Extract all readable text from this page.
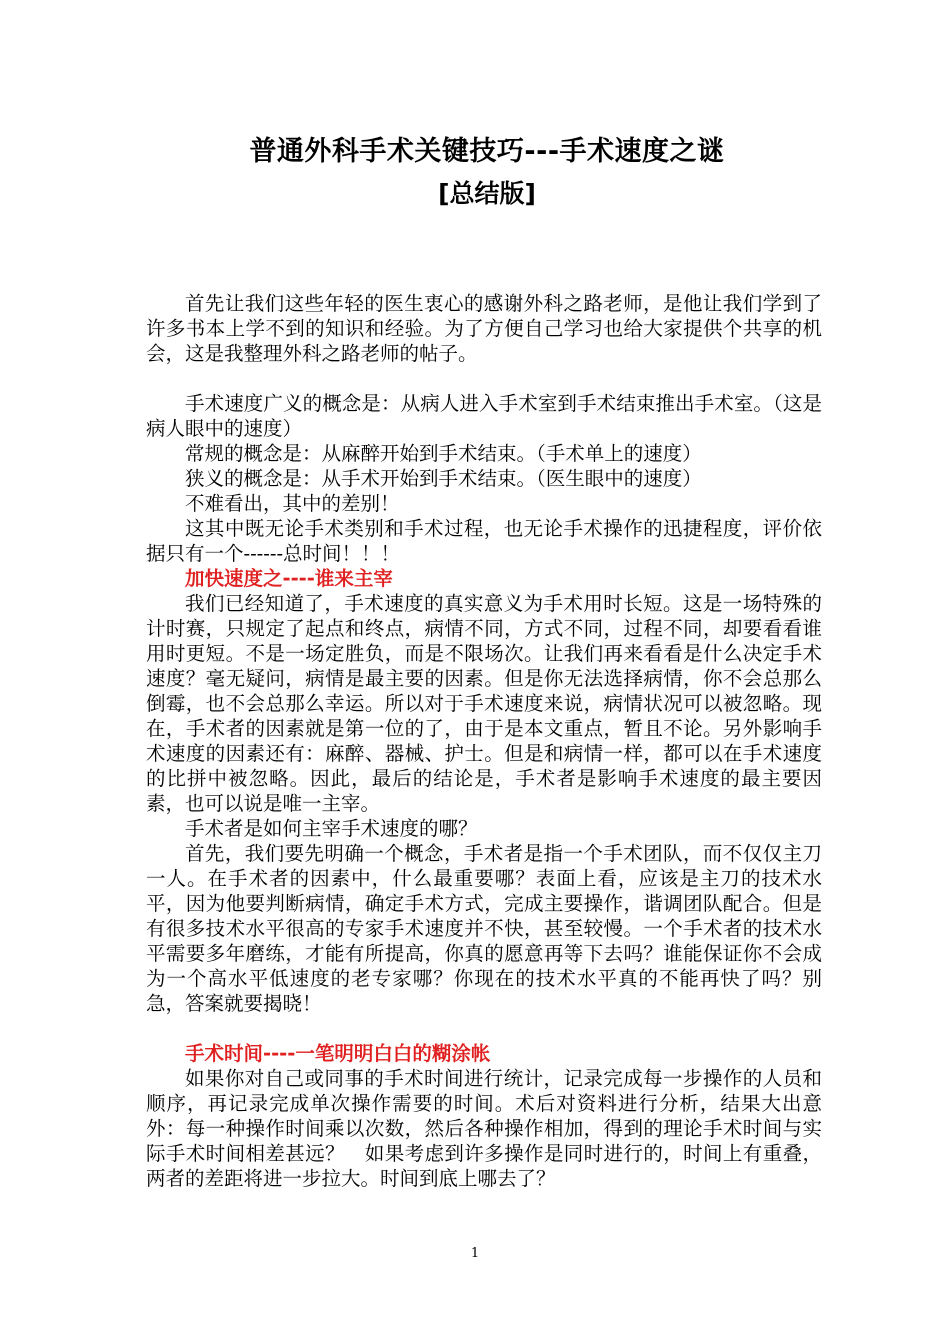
普通外科手术关键技巧---手术速度之谜
[总结版]

首先让我们这些年轻的医生衷心的感谢外科之路老师，是他让我们学到了许多书本上学不到的知识和经验。为了方便自己学习也给大家提供个共享的机会，这是我整理外科之路老师的帖子。

手术速度广义的概念是：从病人进入手术室到手术结束推出手术室。（这是病人眼中的速度）

常规的概念是：从麻醉开始到手术结束。（手术单上的速度）

狭义的概念是：从手术开始到手术结束。（医生眼中的速度）

不难看出，其中的差别！

这其中既无论手术类别和手术过程，也无论手术操作的迅捷程度，评价依据只有一个------总时间！！！

加快速度之----谁来主宰

我们已经知道了，手术速度的真实意义为手术用时长短。这是一场特殊的计时赛，只规定了起点和终点，病情不同，方式不同，过程不同，却要看看谁用时更短。不是一场定胜负，而是不限场次。让我们再来看看是什么决定手术速度？毫无疑问，病情是最主要的因素。但是你无法选择病情，你不会总那么倒霉，也不会总那么幸运。所以对于手术速度来说，病情状况可以被忽略。现在，手术者的因素就是第一位的了，由于是本文重点，暂且不论。另外影响手术速度的因素还有：麻醉、器械、护士。但是和病情一样，都可以在手术速度的比拼中被忽略。因此，最后的结论是，手术者是影响手术速度的最主要因素，也可以说是唯一主宰。

手术者是如何主宰手术速度的哪？

首先，我们要先明确一个概念，手术者是指一个手术团队，而不仅仅主刀一人。在手术者的因素中，什么最重要哪？表面上看，应该是主刀的技术水平，因为他要判断病情，确定手术方式，完成主要操作，谐调团队配合。但是有很多技术水平很高的专家手术速度并不快，甚至较慢。一个手术者的技术水平需要多年磨练，才能有所提高，你真的愿意再等下去吗？谁能保证你不会成为一个高水平低速度的老专家哪？你现在的技术水平真的不能再快了吗？别急，答案就要揭晓！

手术时间----一笔明明白白的糊涂帐

如果你对自己或同事的手术时间进行统计，记录完成每一步操作的人员和顺序，再记录完成单次操作需要的时间。术后对资料进行分析，结果大出意外：每一种操作时间乘以次数，然后各种操作相加，得到的理论手术时间与实际手术时间相差甚远？　如果考虑到许多操作是同时进行的，时间上有重叠，两者的差距将进一步拉大。时间到底上哪去了？

1
